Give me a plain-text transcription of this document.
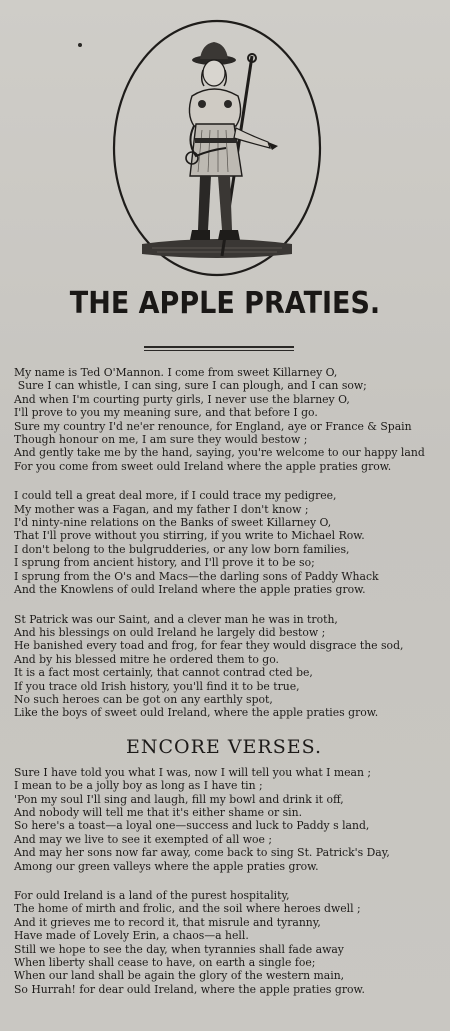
THE APPLE PRATIES.
My name is Ted O'Mannon. I come from sweet Killarney O,
Sure I can whistle, I can sing, sure I can plough, and I can sow;
And when I'm courting purty girls, I never use the blarney O,
I'll prove to you my meaning sure, and that before I go.
Sure my country I'd ne'er renounce, for England, aye or France & Spain
Though honour on me, I am sure they would bestow ;
And gently take me by the hand, saying, you're welcome to our happy land
For you come from sweet ould Ireland where the apple praties grow.
I could tell a great deal more, if I could trace my pedigree,
My mother was a Fagan, and my father I don't know ;
I'd ninty-nine relations on the Banks of sweet Killarney O,
That I'll prove without you stirring, if you write to Michael Row.
I don't belong to the bulgrudderies, or any low born families,
I sprung from ancient history, and I'll prove it to be so;
I sprung from the O's and Macs—the darling sons of Paddy Whack
And the Knowlens of ould Ireland where the apple praties grow.
St Patrick was our Saint, and a clever man he was in troth,
And his blessings on ould Ireland he largely did bestow ;
He banished every toad and frog, for fear they would disgrace the sod,
And by his blessed mitre he ordered them to go.
It is a fact most certainly, that cannot contrad cted be,
If you trace old Irish history, you'll find it to be true,
No such heroes can be got on any earthly spot,
Like the boys of sweet ould Ireland, where the apple praties grow.
ENCORE VERSES.
Sure I have told you what I was, now I will tell you what I mean ;
I mean to be a jolly boy as long as I have tin ;
'Pon my soul I'll sing and laugh, fill my bowl and drink it off,
And nobody will tell me that it's either shame or sin.
So here's a toast—a loyal one—success and luck to Paddy s land,
And may we live to see it exempted of all woe ;
And may her sons now far away, come back to sing St. Patrick's Day,
Among our green valleys where the apple praties grow.
For ould Ireland is a land of the purest hospitality,
The home of mirth and frolic, and the soil where heroes dwell ;
And it grieves me to record it, that misrule and tyranny,
Have made of Lovely Erin, a chaos—a hell.
Still we hope to see the day, when tyrannies shall fade away
When liberty shall cease to have, on earth a single foe;
When our land shall be again the glory of the western main,
So Hurrah! for dear ould Ireland, where the apple praties grow.
